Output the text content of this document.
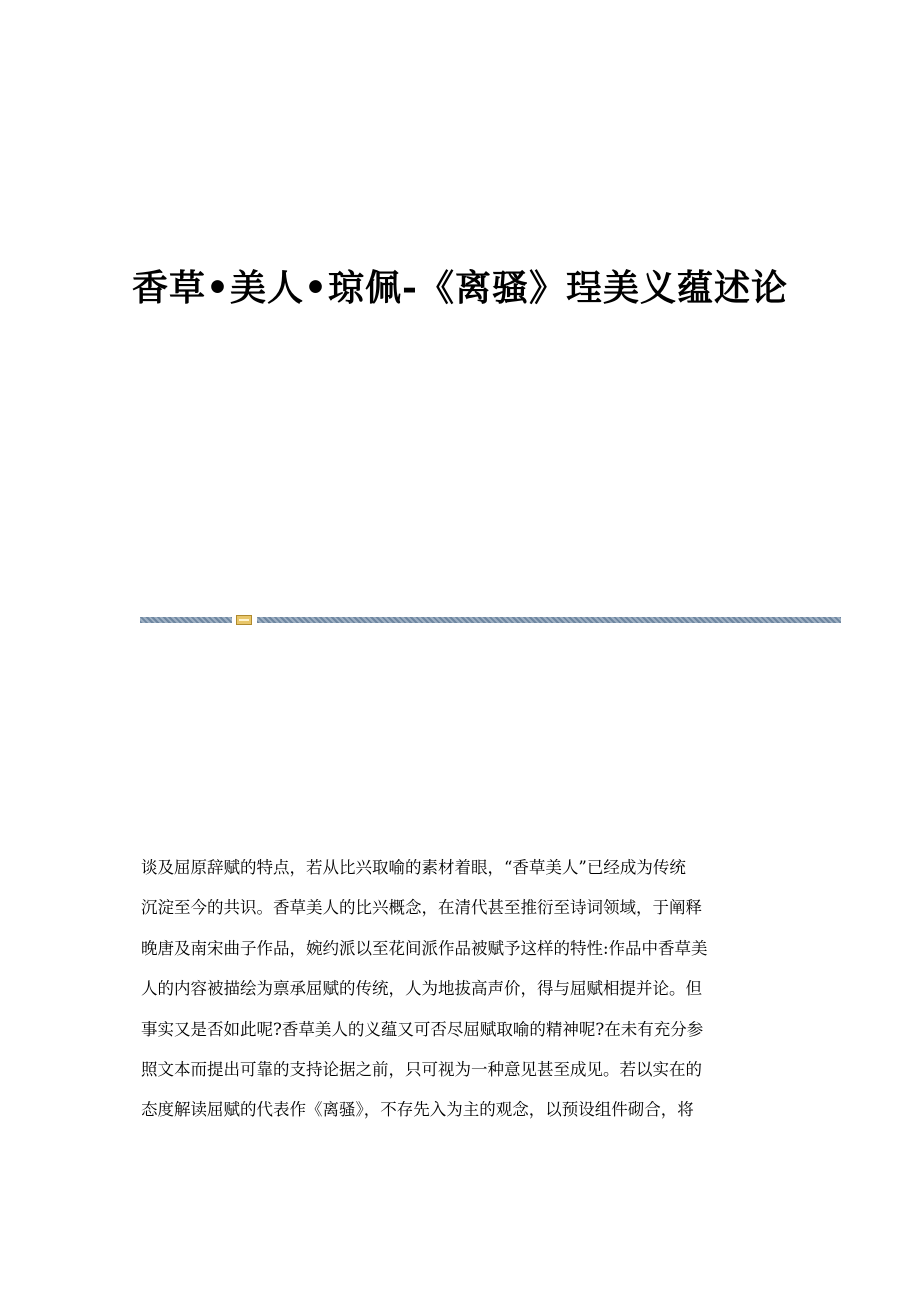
香草•美人•琼佩-《离骚》珵美义蕴述论
谈及屈原辞赋的特点，若从比兴取喻的素材着眼，“香草美人”已经成为传统
沉淀至今的共识。香草美人的比兴概念，在清代甚至推衍至诗词领域，于阐释
晚唐及南宋曲子作品，婉约派以至花间派作品被赋予这样的特性:作品中香草美
人的内容被描绘为禀承屈赋的传统，人为地拔高声价，得与屈赋相提并论。但
事实又是否如此呢?香草美人的义蕴又可否尽屈赋取喻的精神呢?在未有充分参
照文本而提出可靠的支持论据之前，只可视为一种意见甚至成见。若以实在的
态度解读屈赋的代表作《离骚》，不存先入为主的观念，以预设组件砌合，将
